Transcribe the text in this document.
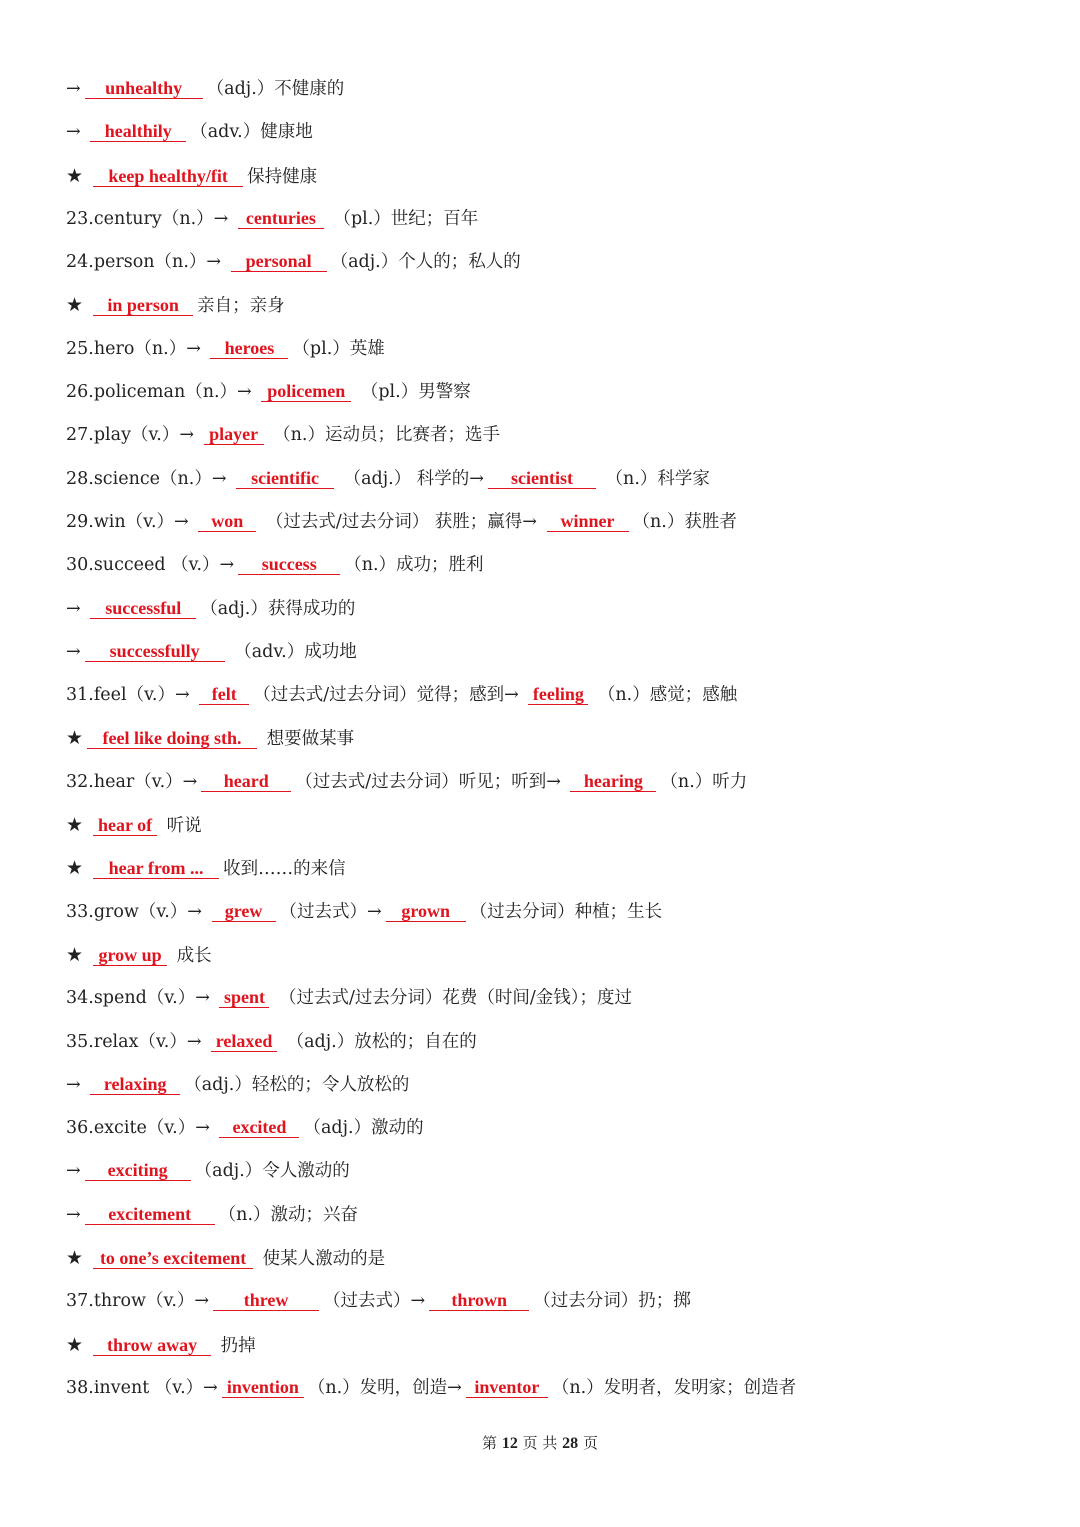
→ unhealthy （adj.）不健康的
→ healthily （adv.）健康地
★ keep healthy/fit 保持健康
23.century（n.）→ centuries （pl.）世纪；百年
24.person（n.）→ personal （adj.）个人的；私人的
★ in person 亲自；亲身
25.hero（n.）→ heroes （pl.）英雄
26.policeman（n.）→ policemen （pl.）男警察
27.play（v.）→ player （n.）运动员；比赛者；选手
28.science（n.）→ scientific （adj.） 科学的→ scientist （n.）科学家
29.win（v.）→ won （过去式/过去分词） 获胜；赢得→ winner （n.）获胜者
30.succeed （v.）→ success （n.）成功；胜利
→ successful （adj.）获得成功的
→ successfully （adv.）成功地
31.feel（v.）→ felt （过去式/过去分词）觉得；感到→ feeling （n.）感觉；感触
★ feel like doing sth. 想要做某事
32.hear（v.）→ heard （过去式/过去分词）听见；听到→ hearing （n.）听力
★ hear of 听说
★ hear from ... 收到……的来信
33.grow（v.）→ grew （过去式）→ grown （过去分词）种植；生长
★ grow up 成长
34.spend（v.）→ spent （过去式/过去分词）花费（时间/金钱）；度过
35.relax（v.）→ relaxed （adj.）放松的；自在的
→ relaxing （adj.）轻松的；令人放松的
36.excite（v.）→ excited （adj.）激动的
→ exciting （adj.）令人激动的
→ excitement （n.）激动；兴奋
★ to one’s excitement 使某人激动的是
37.throw（v.）→ threw （过去式）→ thrown （过去分词）扔；掷
★ throw away 扔掉
38.invent （v.）→ invention （n.）发明，创造→ inventor （n.）发明者，发明家；创造者
第 12 页 共 28 页
